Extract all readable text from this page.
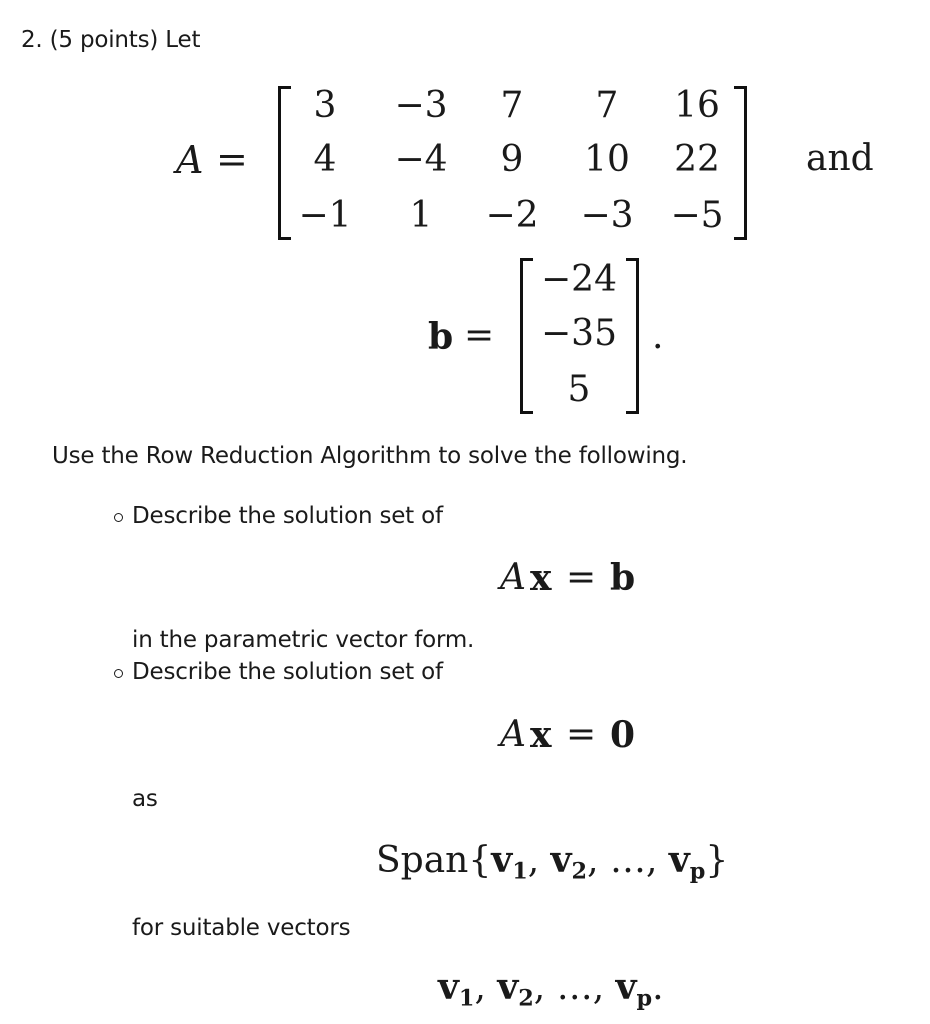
2. (5 points) Let
A =
3	−3	7	7	16
4	−4	9	10	22
−1	1	−2 −3 −5
and
b =
−24
−35
5
.
Use the Row Reduction Algorithm to solve the following.
Describe the solution set of
A x = b
in the parametric vector form.
Describe the solution set of
A x = 0
as
$Span\{v_1$, $v_2$, …, $v_p$}
for suitable vectors
$v_1$, $v_2$, …, $v_p$.
